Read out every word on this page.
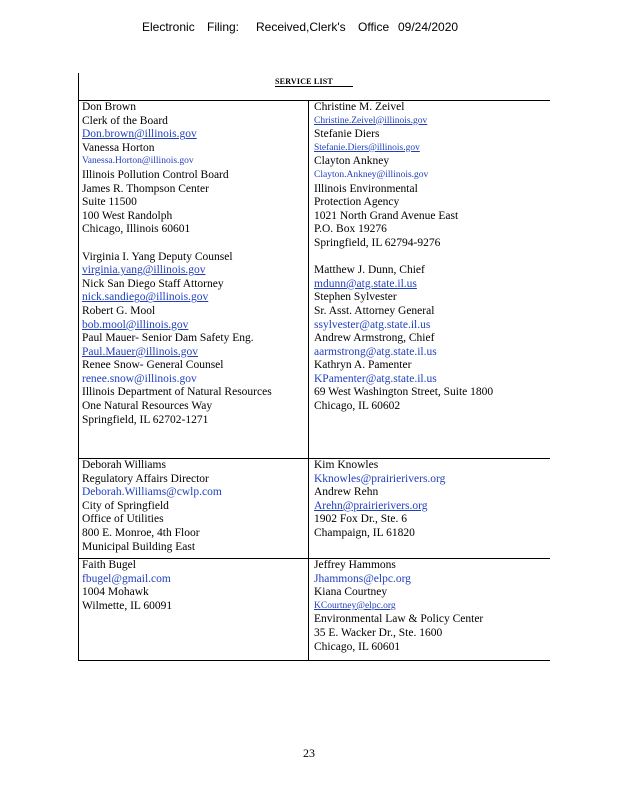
Electronic Filing: Received,Clerk's Office 09/24/2020
SERVICE LIST
Don Brown
Clerk of the Board
Don.brown@illinois.gov
Vanessa Horton
Vanessa.Horton@illinois.gov
Illinois Pollution Control Board
James R. Thompson Center
Suite 11500
100 West Randolph
Chicago, Illinois 60601
Virginia I. Yang Deputy Counsel
virginia.yang@illinois.gov
Nick San Diego Staff Attorney
nick.sandiego@illinois.gov
Robert G. Mool
bob.mool@illinois.gov
Paul Mauer- Senior Dam Safety Eng.
Paul.Mauer@illinois.gov
Renee Snow- General Counsel
renee.snow@illinois.gov
Illinois Department of Natural Resources
One Natural Resources Way
Springfield, IL 62702-1271
Christine M. Zeivel
Christine.Zeivel@illinois.gov
Stefanie Diers
Stefanie.Diers@illinois.gov
Clayton Ankney
Clayton.Ankney@illinois.gov
Illinois Environmental
Protection Agency
1021 North Grand Avenue East
P.O. Box 19276
Springfield, IL 62794-9276
Matthew J. Dunn, Chief
mdunn@atg.state.il.us
Stephen Sylvester
Sr. Asst. Attorney General
ssylvester@atg.state.il.us
Andrew Armstrong, Chief
aarmstrong@atg.state.il.us
Kathryn A. Pamenter
KPamenter@atg.state.il.us
69 West Washington Street, Suite 1800
Chicago, IL 60602
Deborah Williams
Regulatory Affairs Director
Deborah.Williams@cwlp.com
City of Springfield
Office of Utilities
800 E. Monroe, 4th Floor
Municipal Building East
Kim Knowles
Kknowles@prairierivers.org
Andrew Rehn
Arehn@prairierivers.org
1902 Fox Dr., Ste. 6
Champaign, IL 61820
Faith Bugel
fbugel@gmail.com
1004 Mohawk
Wilmette, IL 60091
Jeffrey Hammons
Jhammons@elpc.org
Kiana Courtney
KCourtney@elpc.org
Environmental Law & Policy Center
35 E. Wacker Dr., Ste. 1600
Chicago, IL 60601
23
